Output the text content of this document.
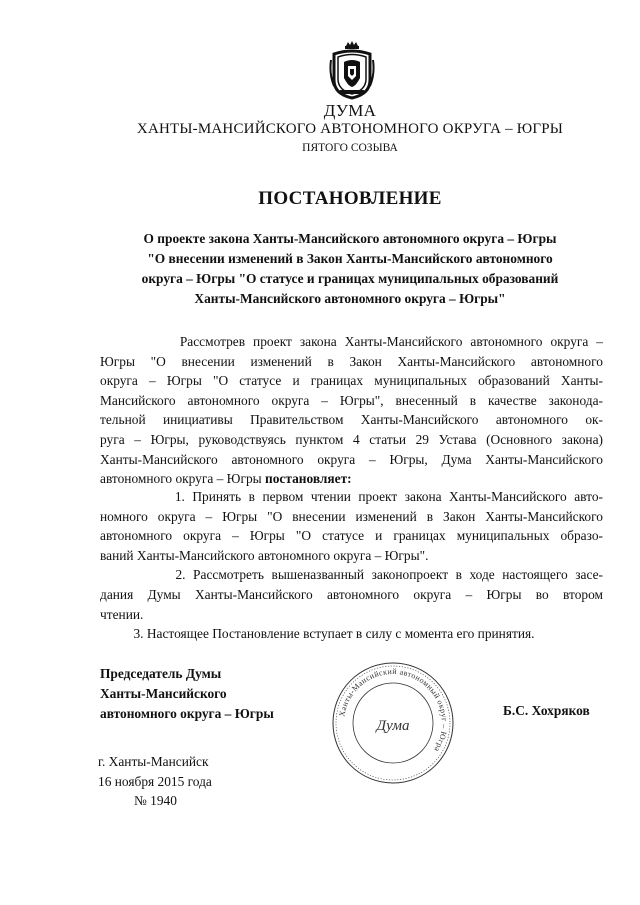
ДУМА
ХАНТЫ-МАНСИЙСКОГО АВТОНОМНОГО ОКРУГА – ЮГРЫ
ПЯТОГО СОЗЫВА
ПОСТАНОВЛЕНИЕ
О проекте закона Ханты-Мансийского автономного округа – Югры
"О внесении изменений в Закон Ханты-Мансийского автономного
округа – Югры "О статусе и границах муниципальных образований
Ханты-Мансийского автономного округа – Югры"
Рассмотрев проект закона Ханты-Мансийского автономного округа –
Югры "О внесении изменений в Закон Ханты-Мансийского автономного
округа – Югры "О статусе и границах муниципальных образований Ханты-
Мансийского автономного округа – Югры", внесенный в качестве законода-
тельной инициативы Правительством Ханты-Мансийского автономного ок-
руга – Югры, руководствуясь пунктом 4 статьи 29 Устава (Основного закона)
Ханты-Мансийского автономного округа – Югры, Дума Ханты-Мансийского
автономного округа – Югры постановляет:
1. Принять в первом чтении проект закона Ханты-Мансийского авто-
номного округа – Югры "О внесении изменений в Закон Ханты-Мансийского
автономного округа – Югры "О статусе и границах муниципальных образо-
ваний Ханты-Мансийского автономного округа – Югры".
2. Рассмотреть вышеназванный законопроект в ходе настоящего засе-
дания Думы Ханты-Мансийского автономного округа – Югры во втором
чтении.
3. Настоящее Постановление вступает в силу с момента его принятия.
Председатель Думы
Ханты-Мансийского
автономного округа – Югры	Ханты-Мансийский автономный округ – Югра
Дума
Б.С. Хохряков
г. Ханты-Мансийск
16 ноября 2015 года
№ 1940
